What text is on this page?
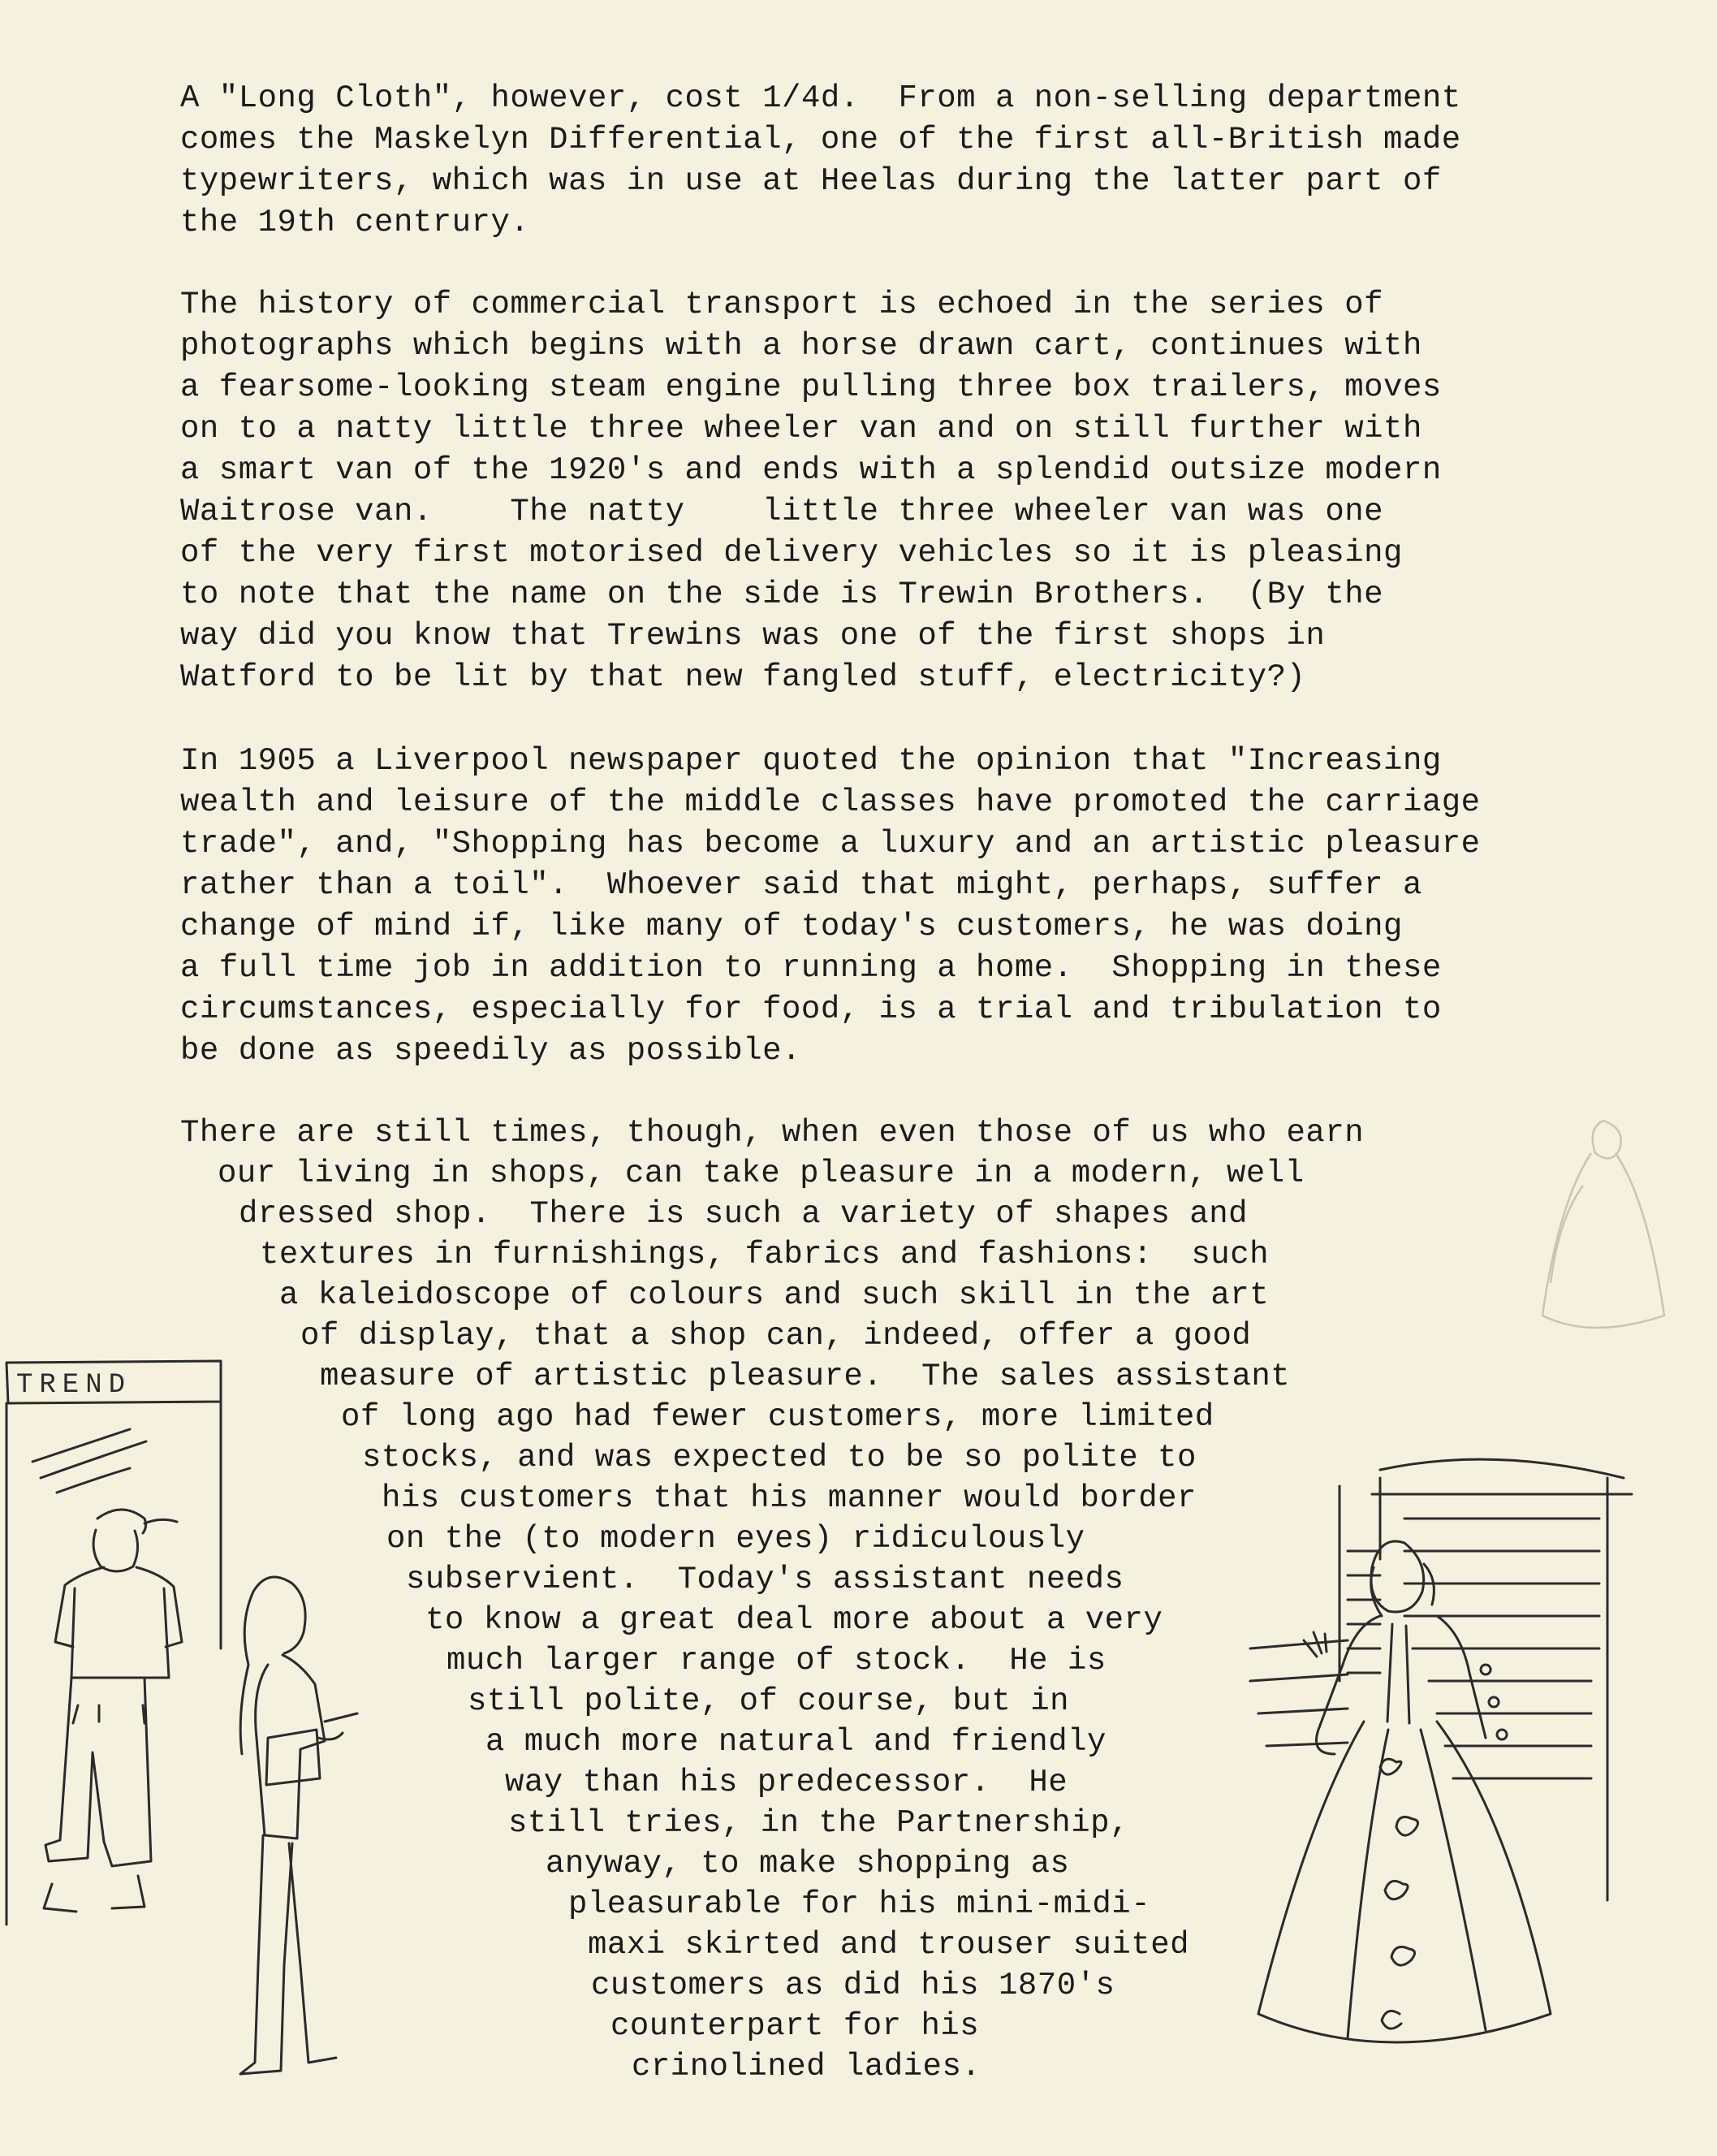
A "Long Cloth", however, cost 1/4d.  From a non-selling department
comes the Maskelyn Differential, one of the first all-British made
typewriters, which was in use at Heelas during the latter part of
the 19th centrury.
The history of commercial transport is echoed in the series of
photographs which begins with a horse drawn cart, continues with
a fearsome-looking steam engine pulling three box trailers, moves
on to a natty little three wheeler van and on still further with
a smart van of the 1920's and ends with a splendid outsize modern
Waitrose van.    The natty    little three wheeler van was one
of the very first motorised delivery vehicles so it is pleasing
to note that the name on the side is Trewin Brothers.  (By the
way did you know that Trewins was one of the first shops in
Watford to be lit by that new fangled stuff, electricity?)
In 1905 a Liverpool newspaper quoted the opinion that "Increasing
wealth and leisure of the middle classes have promoted the carriage
trade", and, "Shopping has become a luxury and an artistic pleasure
rather than a toil".  Whoever said that might, perhaps, suffer a
change of mind if, like many of today's customers, he was doing
a full time job in addition to running a home.  Shopping in these
circumstances, especially for food, is a trial and tribulation to
be done as speedily as possible.
There are still times, though, when even those of us who earn
our living in shops, can take pleasure in a modern, well
dressed shop.  There is such a variety of shapes and
textures in furnishings, fabrics and fashions:  such
a kaleidoscope of colours and such skill in the art
of display, that a shop can, indeed, offer a good
measure of artistic pleasure.  The sales assistant
of long ago had fewer customers, more limited
stocks, and was expected to be so polite to
his customers that his manner would border
on the (to modern eyes) ridiculously
subservient.  Today's assistant needs
to know a great deal more about a very
much larger range of stock.  He is
still polite, of course, but in
a much more natural and friendly
way than his predecessor.  He
still tries, in the Partnership,
anyway, to make shopping as
pleasurable for his mini-midi-
maxi skirted and trouser suited
customers as did his 1870's
counterpart for his
crinolined ladies.
TREND
